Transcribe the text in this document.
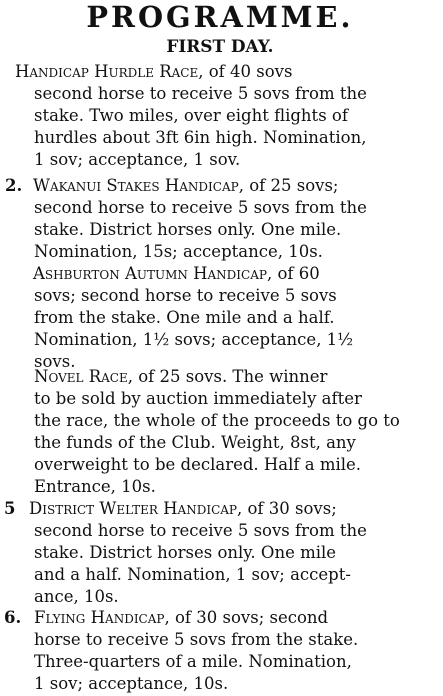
PROGRAMME.
FIRST DAY.
Handicap Hurdle Race, of 40 sovs
second horse to receive 5 sovs from the
stake. Two miles, over eight flights of
hurdles about 3ft 6in high. Nomination,
1 sov; acceptance, 1 sov.
2. Wakanui Stakes Handicap, of 25 sovs;
second horse to receive 5 sovs from the
stake. District horses only. One mile.
Nomination, 15s; acceptance, 10s.
Ashburton Autumn Handicap, of 60
sovs; second horse to receive 5 sovs
from the stake. One mile and a half.
Nomination, 1½ sovs; acceptance, 1½
sovs.
Novel Race, of 25 sovs. The winner
to be sold by auction immediately after
the race, the whole of the proceeds to go to
the funds of the Club. Weight, 8st, any
overweight to be declared. Half a mile.
Entrance, 10s.
5 District Welter Handicap, of 30 sovs;
second horse to receive 5 sovs from the
stake. District horses only. One mile
and a half. Nomination, 1 sov; accept-
ance, 10s.
6. Flying Handicap, of 30 sovs; second
horse to receive 5 sovs from the stake.
Three-quarters of a mile. Nomination,
1 sov; acceptance, 10s.
